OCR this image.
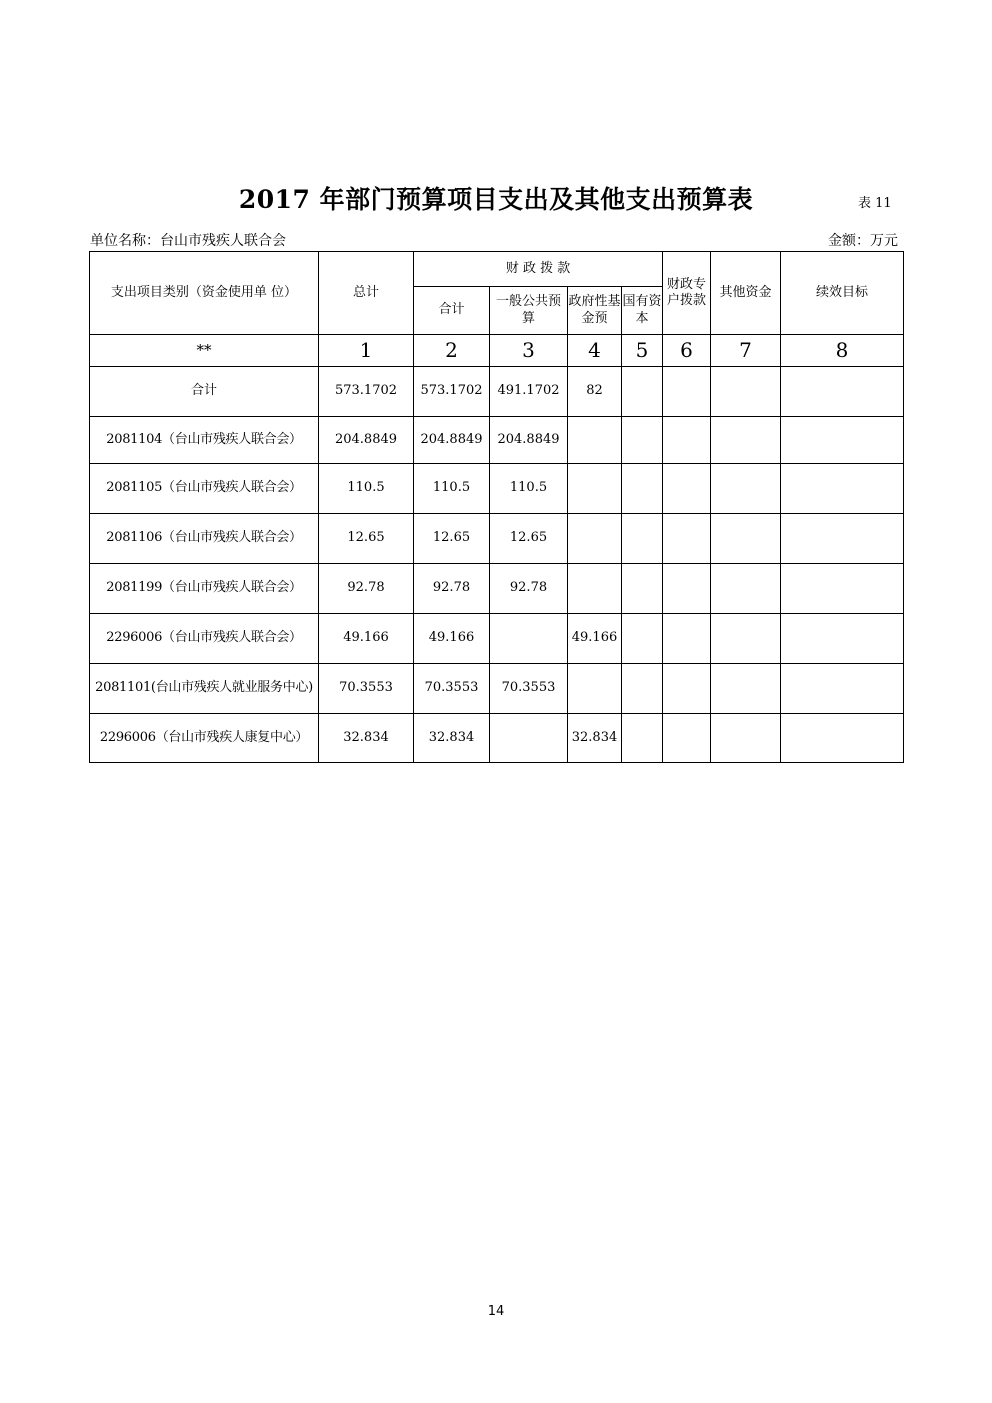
2017 年部门预算项目支出及其他支出预算表	表 11
单位名称：台山市残疾人联合会	金额：万元
支出项目类别（资金使用单 位）	总计	财 政 拨 款				财政专户拨款	其他资金	续效目标
		合计	一般公共预算	政府性基金预	国有资本			
**	1	2	3	4	5	6	7	8
合计	573.1702	573.1702	491.1702	82				
2081104（台山市残疾人联合会）	204.8849	204.8849	204.8849					
2081105（台山市残疾人联合会）	110.5	110.5	110.5					
2081106（台山市残疾人联合会）	12.65	12.65	12.65					
2081199（台山市残疾人联合会）	92.78	92.78	92.78					
2296006（台山市残疾人联合会）	49.166	49.166		49.166				
2081101(台山市残疾人就业服务中心)	70.3553	70.3553	70.3553					
2296006（台山市残疾人康复中心）	32.834	32.834		32.834				
14
